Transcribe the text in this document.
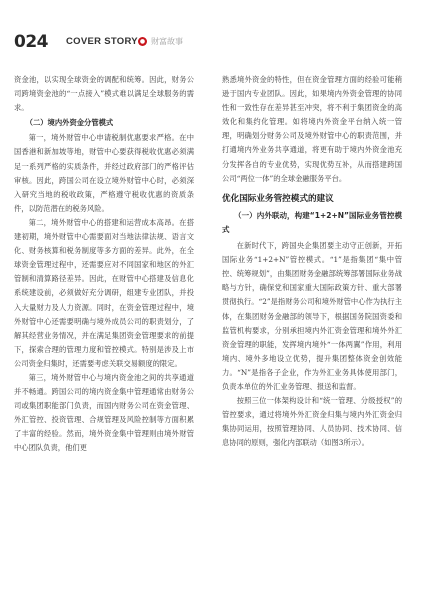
024 COVER STORY ● 财富故事

资金池，以实现全球资金的调配和统筹。因此，财务公司跨境资金池的“一点接入”模式难以满足全球服务的需求。

（二）境内外资金分管模式

第一，境外财管中心申请税制优惠要求严格。在中国香港和新加坡等地，财管中心要获得税收优惠必须满足一系列严格的实质条件，并经过政府部门的严格评估审核。因此，跨国公司在设立境外财管中心时，必须深入研究当地的税收政策，严格遵守税收优惠的资质条件，以防范潜在的税务风险。

第二，境外财管中心的搭建和运营成本高昂。在搭建初期，境外财管中心需要面对当地法律法规、语言文化、财务核算和税务制度等多方面的差异。此外，在全球资金管理过程中，还需要应对不同国家和地区的外汇管制和清算路径差异。因此，在财管中心搭建及信息化系统建设前，必须做好充分调研，组建专业团队，并投入大量财力及人力资源。同时，在资金管理过程中，境外财管中心还需要明确与境外成员公司的职责划分，了解其经营业务情况，并在满足集团资金管理要求的前提下，探索合理的管理力度和管控模式。特别是涉及上市公司资金归集时，还需要考虑关联交易额度的限定。

第三，境外财管中心与境内资金池之间的共享通道并不畅通。跨国公司的境内资金集中管理通常由财务公司或集团职能部门负责，而国内财务公司在资金管理、外汇管控、投资管理、合规管理及风险控制等方面积累了丰富的经验。然而，境外资金集中管理则由境外财管中心团队负责，他们更

熟悉境外资金的特性，但在资金管理方面的经验可能稍逊于国内专业团队。因此，如果境内外资金管理的协同性和一致性存在差异甚至冲突，将不利于集团资金的高效化和集约化管理。如将境内外资金平台纳入统一管理，明确划分财务公司及境外财管中心的职责范围，并打通境内外业务共享通道，将更有助于境内外资金池充分发挥各自的专业优势，实现优势互补，从而搭建跨国公司“两位一体”的全球金融服务平台。

优化国际业务管控模式的建议

（一）内外联动，构建“1+2+N”国际业务管控模式

在新时代下，跨国央企集团要主动守正创新，开拓国际业务“1+2+N”管控模式。“1”是指集团“集中管控、统筹规划”，由集团财务金融部统筹部署国际业务战略与方针，确保党和国家重大国际政策方针、重大部署贯彻执行。“2”是指财务公司和境外财管中心作为执行主体，在集团财务金融部的领导下，根据国务院国资委和监管机构要求，分别承担境内外汇资金管理和境外外汇资金管理的职能，发挥境内境外“一体两翼”作用，利用境内、境外多地设立优势，提升集团整体资金创效能力。“N”是指各子企业，作为外汇业务具体使用部门，负责本单位的外汇业务管理、报送和监督。

按照三位一体架构设计和“统一管理、分级授权”的管控要求，通过将境外外汇资金归集与境内外汇资金归集协同运用，按照管理协同、人员协同、技术协同、信息协同的原则，强化内部联动（如图3所示）。
